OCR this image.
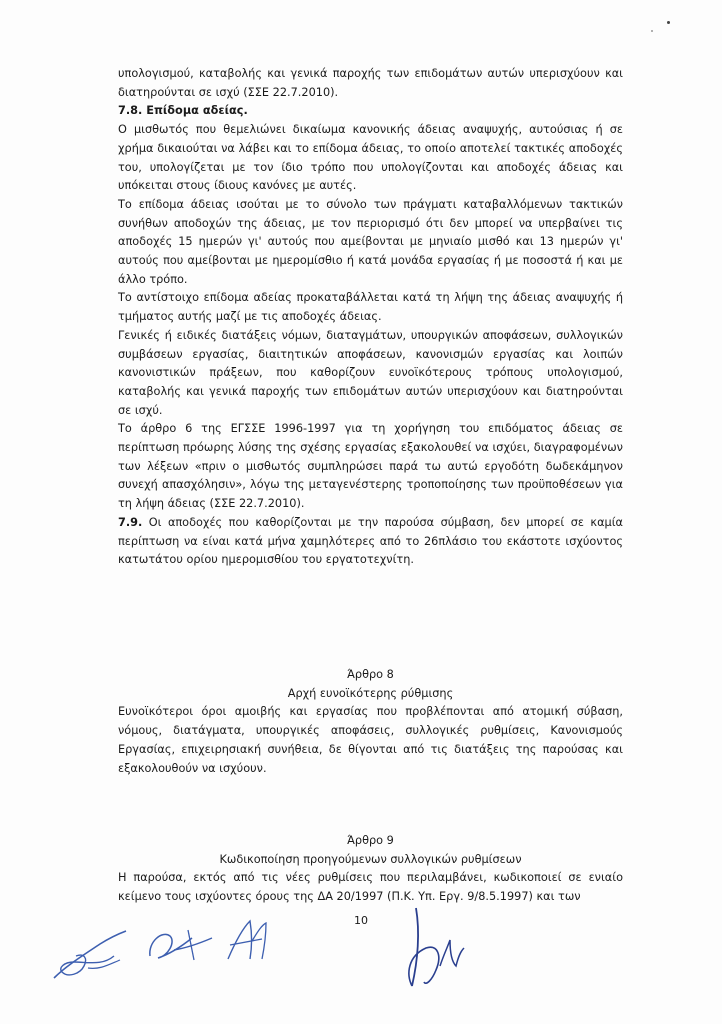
υπολογισμού, καταβολής και γενικά παροχής των επιδομάτων αυτών υπερισχύουν και διατηρούνται σε ισχύ (ΣΣΕ 22.7.2010).

7.8. Επίδομα αδείας.

Ο μισθωτός που θεμελιώνει δικαίωμα κανονικής άδειας αναψυχής, αυτούσιας ή σε χρήμα δικαιούται να λάβει και το επίδομα άδειας, το οποίο αποτελεί τακτικές αποδοχές του, υπολογίζεται με τον ίδιο τρόπο που υπολογίζονται και αποδοχές άδειας και υπόκειται στους ίδιους κανόνες με αυτές.

Το επίδομα άδειας ισούται με το σύνολο των πράγματι καταβαλλόμενων τακτικών συνήθων αποδοχών της άδειας, με τον περιορισμό ότι δεν μπορεί να υπερβαίνει τις αποδοχές 15 ημερών γι' αυτούς που αμείβονται με μηνιαίο μισθό και 13 ημερών γι' αυτούς που αμείβονται με ημερομίσθιο ή κατά μονάδα εργασίας ή με ποσοστά ή και με άλλο τρόπο.

Το αντίστοιχο επίδομα αδείας προκαταβάλλεται κατά τη λήψη της άδειας αναψυχής ή τμήματος αυτής μαζί με τις αποδοχές άδειας.

Γενικές ή ειδικές διατάξεις νόμων, διαταγμάτων, υπουργικών αποφάσεων, συλλογικών συμβάσεων εργασίας, διαιτητικών αποφάσεων, κανονισμών εργασίας και λοιπών κανονιστικών πράξεων, που καθορίζουν ευνοϊκότερους τρόπους υπολογισμού, καταβολής και γενικά παροχής των επιδομάτων αυτών υπερισχύουν και διατηρούνται σε ισχύ.

Το άρθρο 6 της ΕΓΣΣΕ 1996-1997 για τη χορήγηση του επιδόματος άδειας σε περίπτωση πρόωρης λύσης της σχέσης εργασίας εξακολουθεί να ισχύει, διαγραφομένων των λέξεων «πριν ο μισθωτός συμπληρώσει παρά τω αυτώ εργοδότη δωδεκάμηνον συνεχή απασχόλησιν», λόγω της μεταγενέστερης τροποποίησης των προϋποθέσεων για τη λήψη άδειας (ΣΣΕ 22.7.2010).

7.9. Οι αποδοχές που καθορίζονται με την παρούσα σύμβαση, δεν μπορεί σε καμία περίπτωση να είναι κατά μήνα χαμηλότερες από το 26πλάσιο του εκάστοτε ισχύοντος κατωτάτου ορίου ημερομισθίου του εργατοτεχνίτη.

Άρθρο 8

Αρχή ευνοϊκότερης ρύθμισης

Ευνοϊκότεροι όροι αμοιβής και εργασίας που προβλέπονται από ατομική σύβαση, νόμους, διατάγματα, υπουργικές αποφάσεις, συλλογικές ρυθμίσεις, Κανονισμούς Εργασίας, επιχειρησιακή συνήθεια, δε θίγονται από τις διατάξεις της παρούσας και εξακολουθούν να ισχύουν.

Άρθρο 9

Κωδικοποίηση προηγούμενων συλλογικών ρυθμίσεων

Η παρούσα, εκτός από τις νέες ρυθμίσεις που περιλαμβάνει, κωδικοποιεί σε ενιαίο κείμενο τους ισχύοντες όρους της ΔΑ 20/1997 (Π.Κ. Υπ. Εργ. 9/8.5.1997) και των

10
